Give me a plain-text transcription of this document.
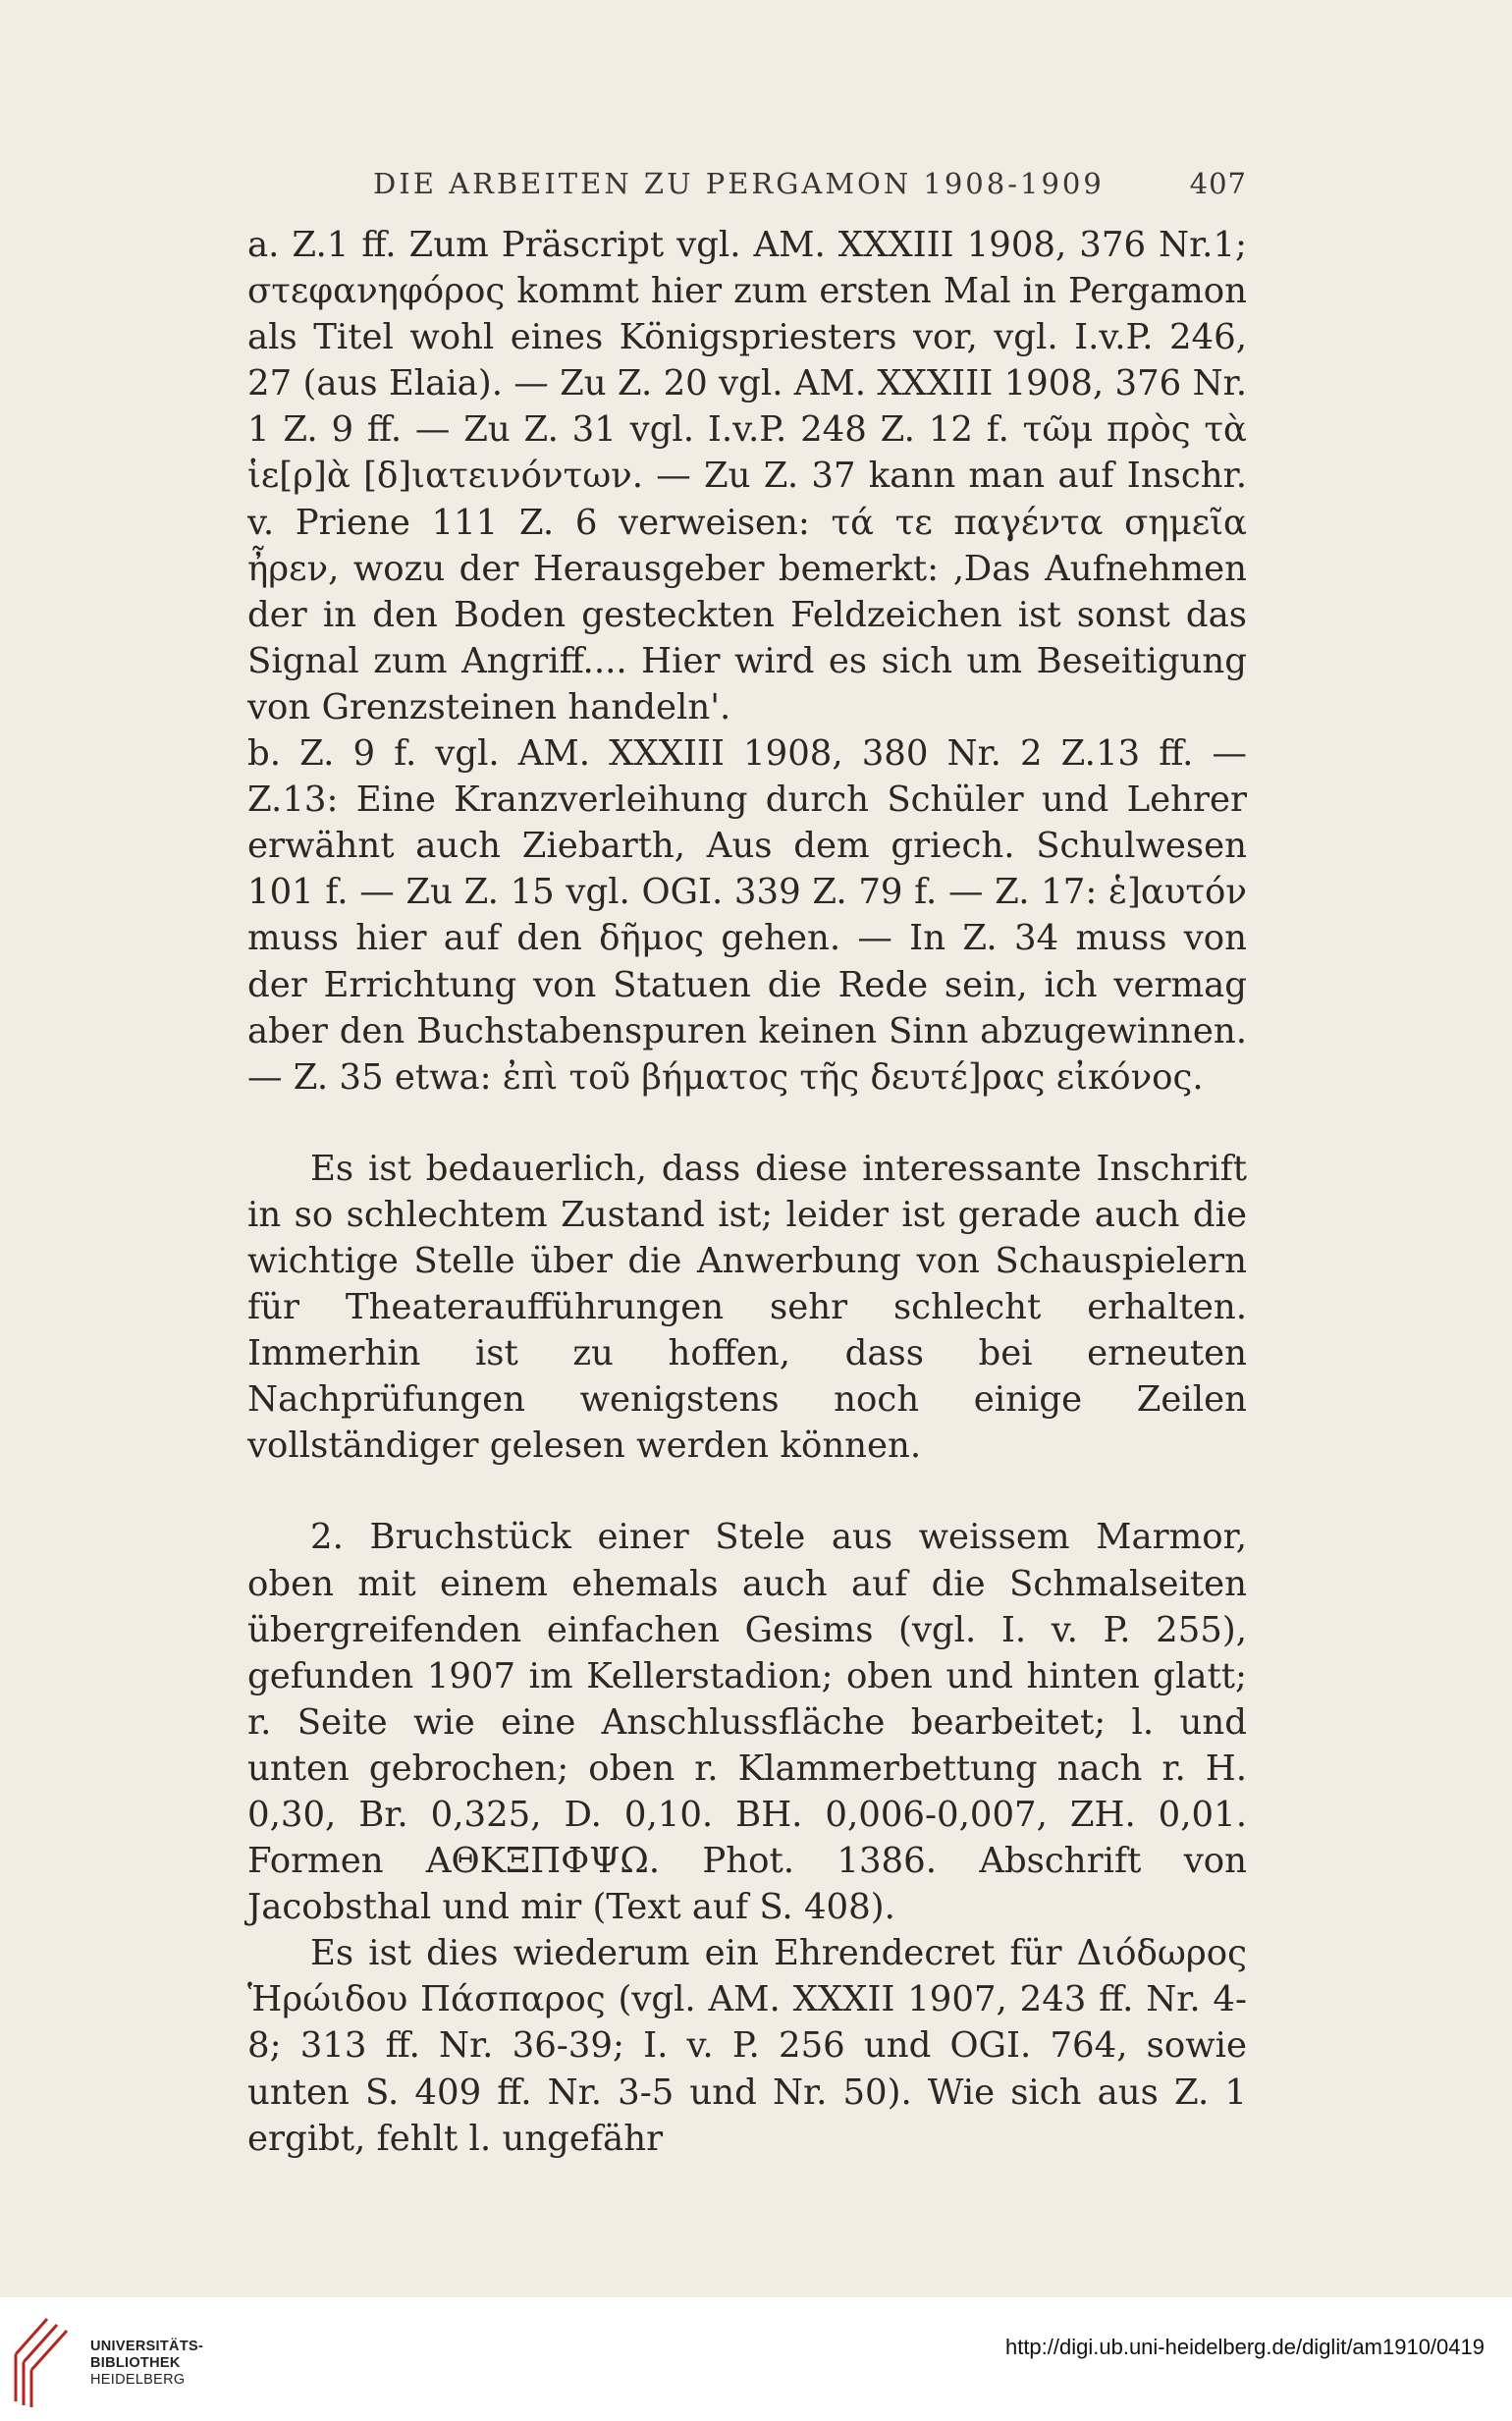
DIE ARBEITEN ZU PERGAMON 1908-1909	407

a. Z.1 ff. Zum Präscript vgl. AM. XXXIII 1908, 376 Nr.1; στεφανηφόρος kommt hier zum ersten Mal in Pergamon als Titel wohl eines Königspriesters vor, vgl. I.v.P. 246, 27 (aus Elaia). — Zu Z. 20 vgl. AM. XXXIII 1908, 376 Nr. 1 Z. 9 ff. — Zu Z. 31 vgl. I.v.P. 248 Z. 12 f. τῶμ πρὸς τὰ ἱε[ρ]ὰ [δ]ιατεινόντων. — Zu Z. 37 kann man auf Inschr. v. Priene 111 Z. 6 verweisen: τά τε παγέντα σημεῖα ἦρεν, wozu der Herausgeber bemerkt: ‚Das Aufnehmen der in den Boden gesteckten Feldzeichen ist sonst das Signal zum Angriff.... Hier wird es sich um Beseitigung von Grenzsteinen handeln'.

b. Z. 9 f. vgl. AM. XXXIII 1908, 380 Nr. 2 Z.13 ff. — Z.13: Eine Kranzverleihung durch Schüler und Lehrer erwähnt auch Ziebarth, Aus dem griech. Schulwesen 101 f. — Zu Z. 15 vgl. OGI. 339 Z. 79 f. — Z. 17: ἑ]αυτόν muss hier auf den δῆμος gehen. — In Z. 34 muss von der Errichtung von Statuen die Rede sein, ich vermag aber den Buchstabenspuren keinen Sinn abzugewinnen. — Z. 35 etwa: ἐπὶ τοῦ βήματος τῆς δευτέ]ρας εἰκόνος.

Es ist bedauerlich, dass diese interessante Inschrift in so schlechtem Zustand ist; leider ist gerade auch die wichtige Stelle über die Anwerbung von Schauspielern für Theateraufführungen sehr schlecht erhalten. Immerhin ist zu hoffen, dass bei erneuten Nachprüfungen wenigstens noch einige Zeilen vollständiger gelesen werden können.

2. Bruchstück einer Stele aus weissem Marmor, oben mit einem ehemals auch auf die Schmalseiten übergreifenden einfachen Gesims (vgl. I. v. P. 255), gefunden 1907 im Kellerstadion; oben und hinten glatt; r. Seite wie eine Anschlussfläche bearbeitet; l. und unten gebrochen; oben r. Klammerbettung nach r. H. 0,30, Br. 0,325, D. 0,10. BH. 0,006-0,007, ZH. 0,01. Formen ΑΘΚΞΠΦΨΩ. Phot. 1386. Abschrift von Jacobsthal und mir (Text auf S. 408).

Es ist dies wiederum ein Ehrendecret für Διόδωρος Ἡρώιδου Πάσπαρος (vgl. AM. XXXII 1907, 243 ff. Nr. 4-8; 313 ff. Nr. 36-39; I. v. P. 256 und OGI. 764, sowie unten S. 409 ff. Nr. 3-5 und Nr. 50). Wie sich aus Z. 1 ergibt, fehlt l. ungefähr

UNIVERSITÄTS-
BIBLIOTHEK
HEIDELBERG
http://digi.ub.uni-heidelberg.de/diglit/am1910/0419
